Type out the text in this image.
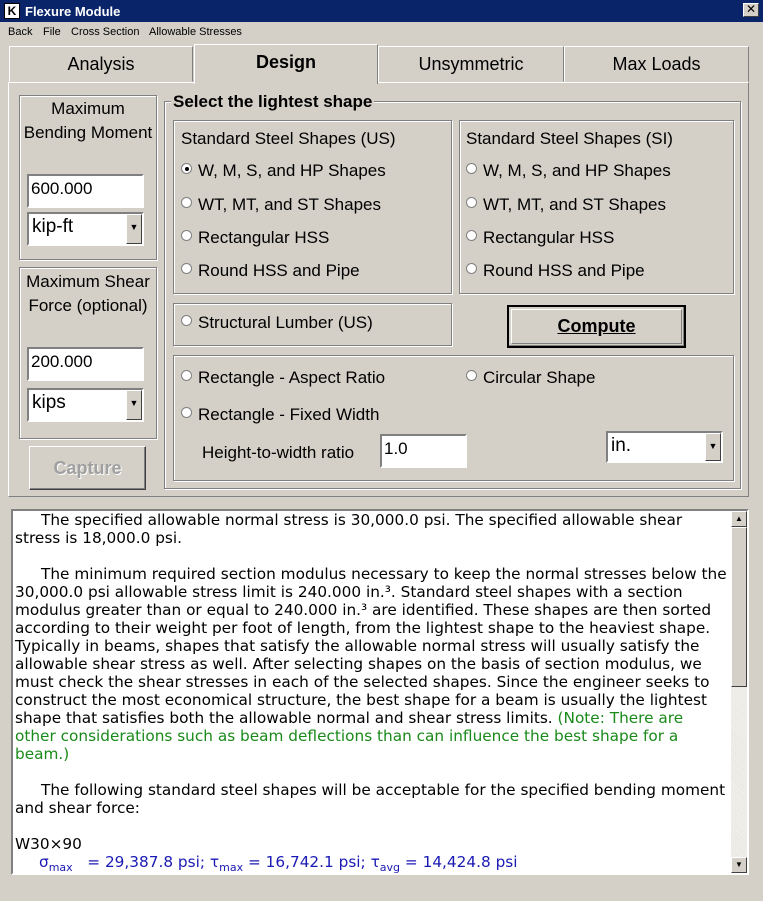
K Flexure Module	✕
Back File Cross Section Allowable Stresses
Analysis	Design	Unsymmetric	Max Loads
Maximum Bending Moment
600.000
kip-ft	▼
Maximum Shear Force (optional)
200.000
kips	▼
Capture
Select the lightest shape
Standard Steel Shapes (US)
W, M, S, and HP Shapes
WT, MT, and ST Shapes
Rectangular HSS
Round HSS and Pipe
Standard Steel Shapes (SI)
W, M, S, and HP Shapes
WT, MT, and ST Shapes
Rectangular HSS
Round HSS and Pipe
Structural Lumber (US)	Compute
Rectangle - Aspect Ratio	Circular Shape
Rectangle - Fixed Width
Height-to-width ratio 1.0	in.	▼

The specified allowable normal stress is 30,000.0 psi. The specified allowable shear stress is 18,000.0 psi.

The minimum required section modulus necessary to keep the normal stresses below the 30,000.0 psi allowable stress limit is 240.000 in.³. Standard steel shapes with a section modulus greater than or equal to 240.000 in.³ are identified. These shapes are then sorted according to their weight per foot of length, from the lightest shape to the heaviest shape. Typically in beams, shapes that satisfy the allowable normal stress will usually satisfy the allowable shear stress as well. After selecting shapes on the basis of section modulus, we must check the shear stresses in each of the selected shapes. Since the engineer seeks to construct the most economical structure, the best shape for a beam is usually the lightest shape that satisfies both the allowable normal and shear stress limits. (Note: There are other considerations such as beam deflections than can influence the best shape for a beam.)

The following standard steel shapes will be acceptable for the specified bending moment and shear force:

W30×90
$\sigma_{max} = 29,387.8$ psi; $\tau_{max} = 16,742.1$ psi; $\tau_{avg} = 14,424.8$ psi
▲
▼
